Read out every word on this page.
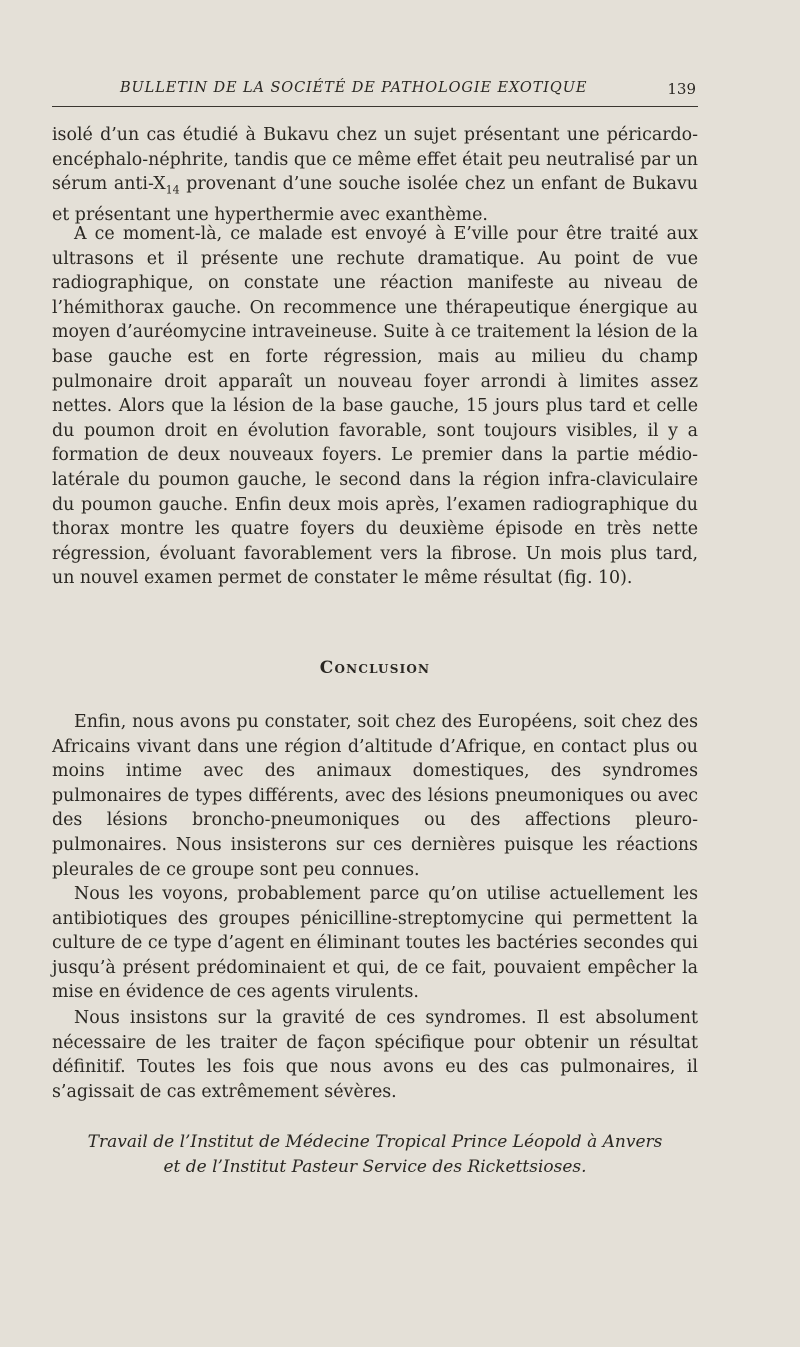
BULLETIN DE LA SOCIÉTÉ DE PATHOLOGIE EXOTIQUE	139

isolé d’un cas étudié à Bukavu chez un sujet présentant une péricardo-encéphalo-néphrite, tandis que ce même effet était peu neutralisé par un sérum anti-$X_{14}$ provenant d’une souche isolée chez un enfant de Bukavu et présentant une hyperthermie avec exanthème.

A ce moment-là, ce malade est envoyé à E’ville pour être traité aux ultrasons et il présente une rechute dramatique. Au point de vue radiographique, on constate une réaction manifeste au niveau de l’hémithorax gauche. On recommence une thérapeutique énergique au moyen d’auréomycine intraveineuse. Suite à ce traitement la lésion de la base gauche est en forte régression, mais au milieu du champ pulmonaire droit apparaît un nouveau foyer arrondi à limites assez nettes. Alors que la lésion de la base gauche, 15 jours plus tard et celle du poumon droit en évolution favorable, sont toujours visibles, il y a formation de deux nouveaux foyers. Le premier dans la partie médio-latérale du poumon gauche, le second dans la région infra-claviculaire du poumon gauche. Enfin deux mois après, l’examen radiographique du thorax montre les quatre foyers du deuxième épisode en très nette régression, évoluant favorablement vers la fibrose. Un mois plus tard, un nouvel examen permet de constater le même résultat (fig. 10).

Conclusion

Enfin, nous avons pu constater, soit chez des Européens, soit chez des Africains vivant dans une région d’altitude d’Afrique, en contact plus ou moins intime avec des animaux domestiques, des syndromes pulmonaires de types différents, avec des lésions pneumoniques ou avec des lésions broncho-pneumoniques ou des affections pleuro-pulmonaires. Nous insisterons sur ces dernières puisque les réactions pleurales de ce groupe sont peu connues.

Nous les voyons, probablement parce qu’on utilise actuellement les antibiotiques des groupes pénicilline-streptomycine qui permettent la culture de ce type d’agent en éliminant toutes les bactéries secondes qui jusqu’à présent prédominaient et qui, de ce fait, pouvaient empêcher la mise en évidence de ces agents virulents.

Nous insistons sur la gravité de ces syndromes. Il est absolument nécessaire de les traiter de façon spécifique pour obtenir un résultat définitif. Toutes les fois que nous avons eu des cas pulmonaires, il s’agissait de cas extrêmement sévères.

Travail de l’Institut de Médecine Tropical Prince Léopold à Anvers
et de l’Institut Pasteur Service des Rickettsioses.
